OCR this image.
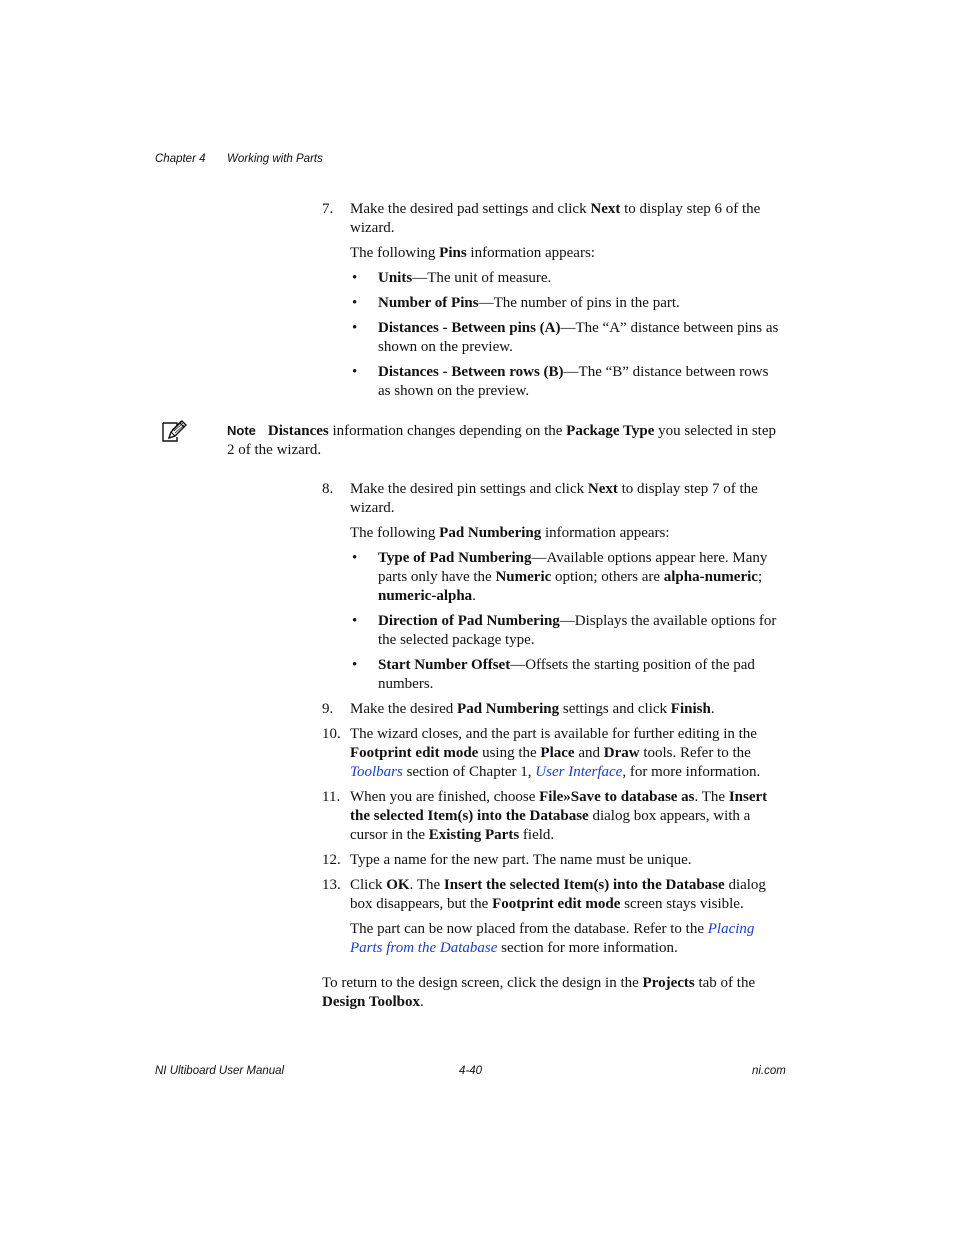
Chapter 4 Working with Parts

7. Make the desired pad settings and click Next to display step 6 of the wizard.

The following Pins information appears:

• Units—The unit of measure.

• Number of Pins—The number of pins in the part.

• Distances - Between pins (A)—The “A” distance between pins as shown on the preview.

• Distances - Between rows (B)—The “B” distance between rows as shown on the preview.

Note Distances information changes depending on the Package Type you selected in step 2 of the wizard.

8. Make the desired pin settings and click Next to display step 7 of the wizard.

The following Pad Numbering information appears:

• Type of Pad Numbering—Available options appear here. Many parts only have the Numeric option; others are alpha-numeric; numeric-alpha.

• Direction of Pad Numbering—Displays the available options for the selected package type.

• Start Number Offset—Offsets the starting position of the pad numbers.

9. Make the desired Pad Numbering settings and click Finish.

10. The wizard closes, and the part is available for further editing in the Footprint edit mode using the Place and Draw tools. Refer to the Toolbars section of Chapter 1, User Interface, for more information.

11. When you are finished, choose File»Save to database as. The Insert the selected Item(s) into the Database dialog box appears, with a cursor in the Existing Parts field.

12. Type a name for the new part. The name must be unique.

13. Click OK. The Insert the selected Item(s) into the Database dialog box disappears, but the Footprint edit mode screen stays visible.

The part can be now placed from the database. Refer to the Placing Parts from the Database section for more information.

To return to the design screen, click the design in the Projects tab of the Design Toolbox.

NI Ultiboard User Manual	4-40	ni.com
